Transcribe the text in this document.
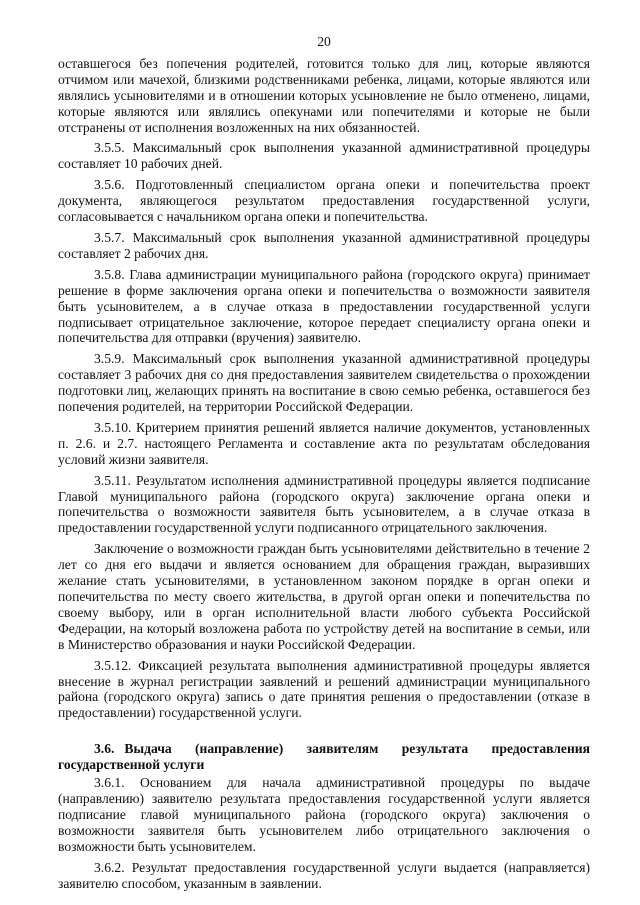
20

оставшегося без попечения родителей, готовится только для лиц, которые являются отчимом или мачехой, близкими родственниками ребенка, лицами, которые являются или являлись усыновителями и в отношении которых усыновление не было отменено, лицами, которые являются или являлись опекунами или попечителями и которые не были отстранены от исполнения возложенных на них обязанностей.

3.5.5. Максимальный срок выполнения указанной административной процедуры составляет 10 рабочих дней.

3.5.6. Подготовленный специалистом органа опеки и попечительства проект документа, являющегося результатом предоставления государственной услуги, согласовывается с начальником органа опеки и попечительства.

3.5.7. Максимальный срок выполнения указанной административной процедуры составляет 2 рабочих дня.

3.5.8. Глава администрации муниципального района (городского округа) принимает решение в форме заключения органа опеки и попечительства о возможности заявителя быть усыновителем, а в случае отказа в предоставлении государственной услуги подписывает отрицательное заключение, которое передает специалисту органа опеки и попечительства для отправки (вручения) заявителю.

3.5.9. Максимальный срок выполнения указанной административной процедуры составляет 3 рабочих дня со дня предоставления заявителем свидетельства о прохождении подготовки лиц, желающих принять на воспитание в свою семью ребенка, оставшегося без попечения родителей, на территории Российской Федерации.

3.5.10. Критерием принятия решений является наличие документов, установленных п. 2.6. и 2.7. настоящего Регламента и составление акта по результатам обследования условий жизни заявителя.

3.5.11. Результатом исполнения административной процедуры является подписание Главой муниципального района (городского округа) заключение органа опеки и попечительства о возможности заявителя быть усыновителем, а в случае отказа в предоставлении государственной услуги подписанного отрицательного заключения.

Заключение о возможности граждан быть усыновителями действительно в течение 2 лет со дня его выдачи и является основанием для обращения граждан, выразивших желание стать усыновителями, в установленном законом порядке в орган опеки и попечительства по месту своего жительства, в другой орган опеки и попечительства по своему выбору, или в орган исполнительной власти любого субъекта Российской Федерации, на который возложена работа по устройству детей на воспитание в семьи, или в Министерство образования и науки Российской Федерации.

3.5.12. Фиксацией результата выполнения административной процедуры является внесение в журнал регистрации заявлений и решений администрации муниципального района (городского округа) запись о дате принятия решения о предоставлении (отказе в предоставлении) государственной услуги.

3.6. Выдача (направление) заявителям результата предоставления государственной услуги

3.6.1. Основанием для начала административной процедуры по выдаче (направлению) заявителю результата предоставления государственной услуги является подписание главой муниципального района (городского округа) заключения о возможности заявителя быть усыновителем либо отрицательного заключения о возможности быть усыновителем.

3.6.2. Результат предоставления государственной услуги выдается (направляется) заявителю способом, указанным в заявлении.
